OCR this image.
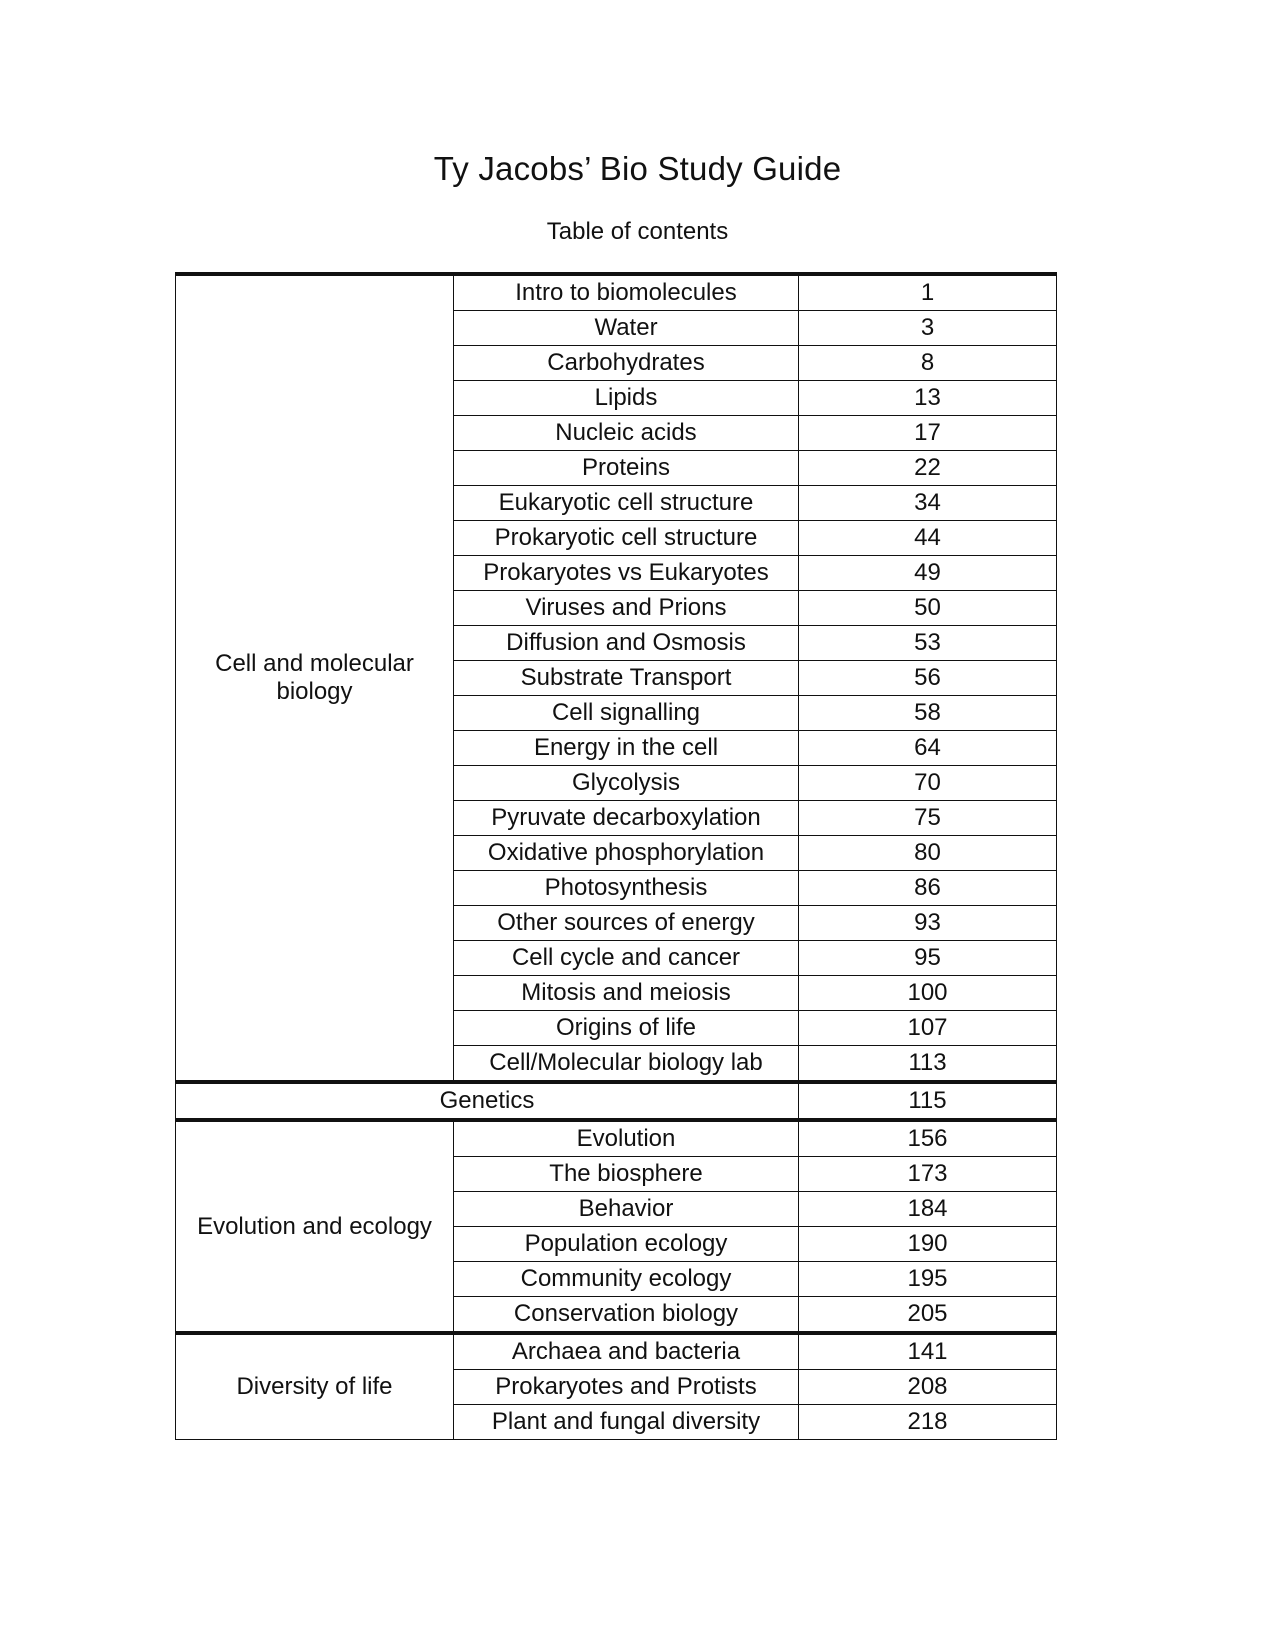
Ty Jacobs’ Bio Study Guide

Table of contents

Cell and molecular biology	Intro to biomolecules	1
	Water	3
	Carbohydrates	8
	Lipids	13
	Nucleic acids	17
	Proteins	22
	Eukaryotic cell structure	34
	Prokaryotic cell structure	44
	Prokaryotes vs Eukaryotes	49
	Viruses and Prions	50
	Diffusion and Osmosis	53
	Substrate Transport	56
	Cell signalling	58
	Energy in the cell	64
	Glycolysis	70
	Pyruvate decarboxylation	75
	Oxidative phosphorylation	80
	Photosynthesis	86
	Other sources of energy	93
	Cell cycle and cancer	95
	Mitosis and meiosis	100
	Origins of life	107
	Cell/Molecular biology lab	113
Genetics		115
Evolution and ecology	Evolution	156
	The biosphere	173
	Behavior	184
	Population ecology	190
	Community ecology	195
	Conservation biology	205
Diversity of life	Archaea and bacteria	141
	Prokaryotes and Protists	208
	Plant and fungal diversity	218
